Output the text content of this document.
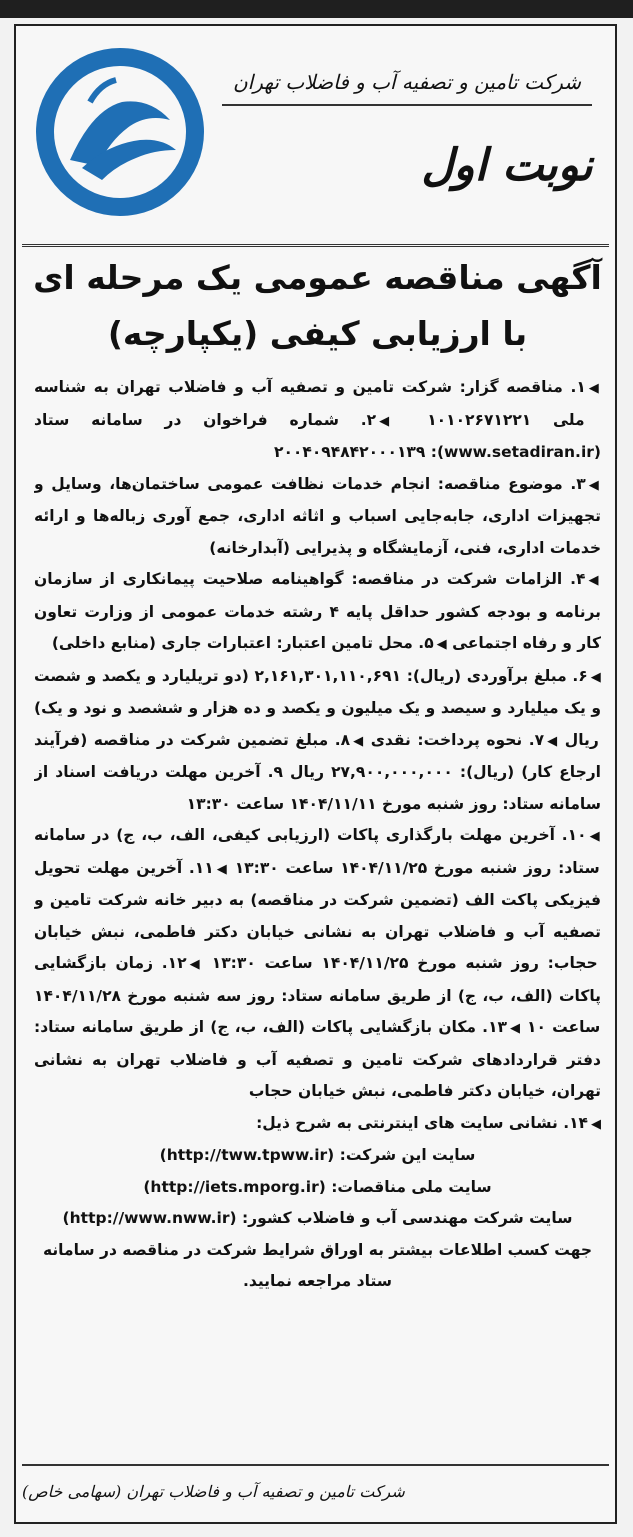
شرکت تامین و تصفیه آب و فاضلاب تهران
نوبت اول
آگهی مناقصه عمومی یک مرحله ای
با ارزیابی کیفی (یکپارچه)

◀۱. مناقصه گزار: شرکت تامین و تصفیه آب و فاضلاب تهران به شناسه ملی ۱۰۱۰۲۶۷۱۲۲۱ ◀۲. شماره فراخوان در سامانه ستاد (www.setadiran.ir): ۲۰۰۴۰۹۴۸۴۲۰۰۰۱۳۹

◀۳. موضوع مناقصه: انجام خدمات نظافت عمومی ساختمان‌ها، وسایل و تجهیزات اداری، جابه‌جایی اسباب و اثاثه اداری، جمع آوری زباله‌ها و ارائه خدمات اداری، فنی، آزمایشگاه و پذیرایی (آبدارخانه)

◀۴. الزامات شرکت در مناقصه: گواهینامه صلاحیت پیمانکاری از سازمان برنامه و بودجه کشور حداقل پایه ۴ رشته خدمات عمومی از وزارت تعاون کار و رفاه اجتماعی ◀۵. محل تامین اعتبار: اعتبارات جاری (منابع داخلی)

◀۶. مبلغ برآوردی (ریال): ۲,۱۶۱,۳۰۱,۱۱۰,۶۹۱ (دو تریلیارد و یکصد و شصت و یک میلیارد و سیصد و یک میلیون و یکصد و ده هزار و ششصد و نود و یک) ریال ◀۷. نحوه پرداخت: نقدی ◀۸. مبلغ تضمین شرکت در مناقصه (فرآیند ارجاع کار) (ریال): ۲۷,۹۰۰,۰۰۰,۰۰۰ ریال ۹. آخرین مهلت دریافت اسناد از سامانه ستاد: روز شنبه مورخ ۱۴۰۴/۱۱/۱۱ ساعت ۱۳:۳۰

◀۱۰. آخرین مهلت بارگذاری پاکات (ارزیابی کیفی، الف، ب، ج) در سامانه ستاد: روز شنبه مورخ ۱۴۰۴/۱۱/۲۵ ساعت ۱۳:۳۰ ◀۱۱. آخرین مهلت تحویل فیزیکی پاکت الف (تضمین شرکت در مناقصه) به دبیر خانه شرکت تامین و تصفیه آب و فاضلاب تهران به نشانی خیابان دکتر فاطمی، نبش خیابان حجاب: روز شنبه مورخ ۱۴۰۴/۱۱/۲۵ ساعت ۱۳:۳۰ ◀۱۲. زمان بازگشایی پاکات (الف، ب، ج) از طریق سامانه ستاد: روز سه شنبه مورخ ۱۴۰۴/۱۱/۲۸ ساعت ۱۰ ◀۱۳. مکان بازگشایی پاکات (الف، ب، ج) از طریق سامانه ستاد: دفتر قراردادهای شرکت تامین و تصفیه آب و فاضلاب تهران به نشانی تهران، خیابان دکتر فاطمی، نبش خیابان حجاب

◀۱۴. نشانی سایت های اینترنتی به شرح ذیل:

سایت این شرکت: (http://tww.tpww.ir)

سایت ملی مناقصات: (http://iets.mporg.ir)

سایت شرکت مهندسی آب و فاضلاب کشور: (http://www.nww.ir)

جهت کسب اطلاعات بیشتر به اوراق شرایط شرکت در مناقصه در سامانه ستاد مراجعه نمایید.

شرکت تامین و تصفیه آب و فاضلاب تهران (سهامی خاص)
